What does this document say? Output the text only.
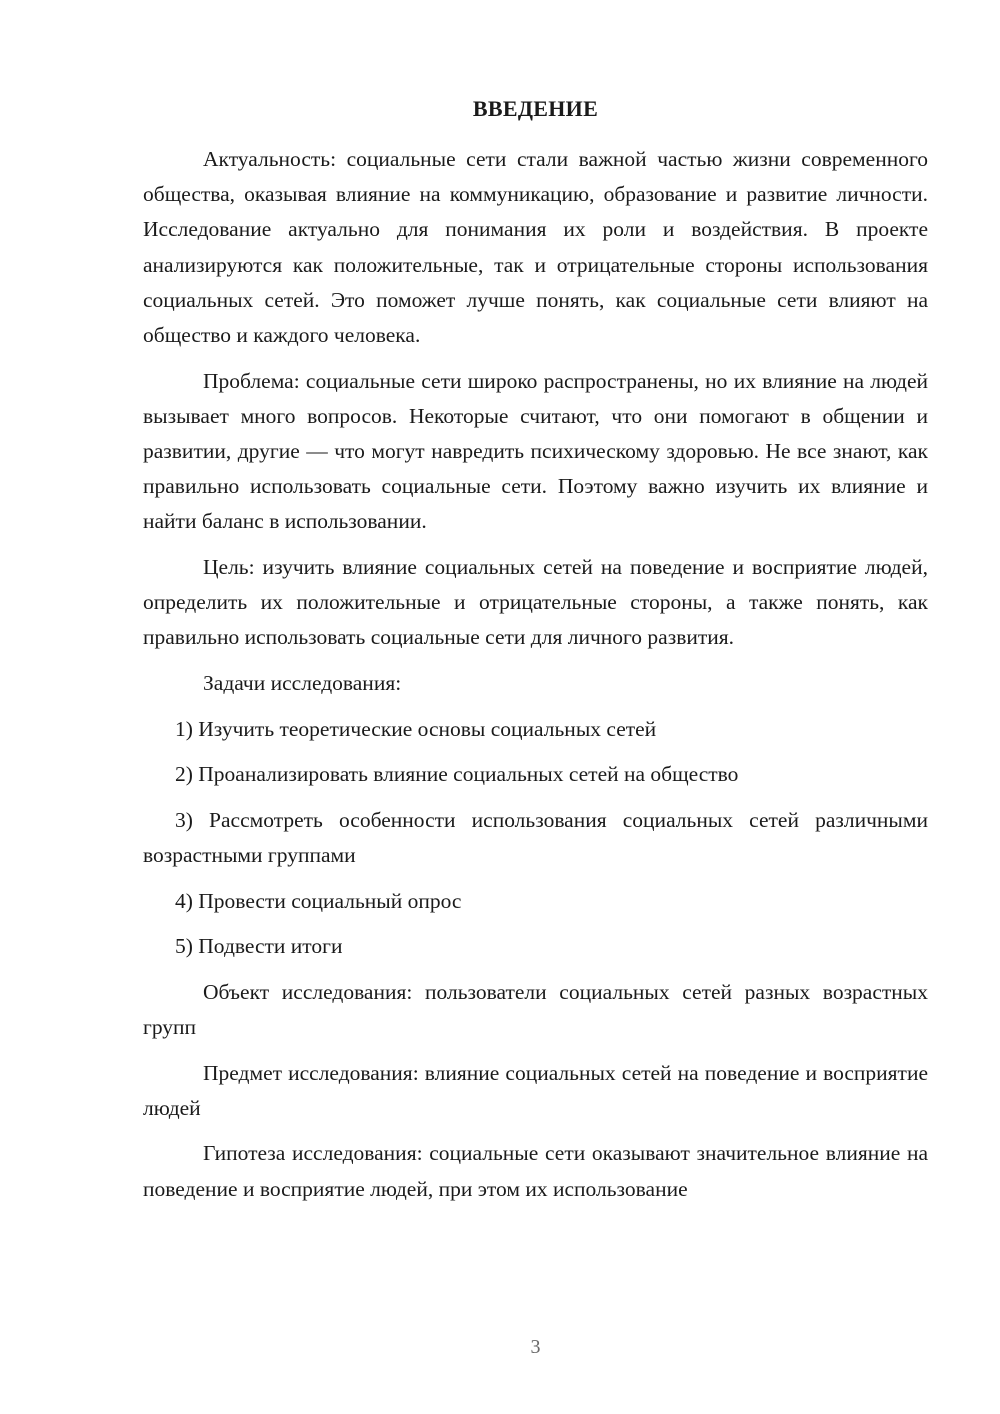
ВВЕДЕНИЕ

Актуальность: социальные сети стали важной частью жизни современного общества, оказывая влияние на коммуникацию, образование и развитие личности. Исследование актуально для понимания их роли и воздействия. В проекте анализируются как положительные, так и отрицательные стороны использования социальных сетей. Это поможет лучше понять, как социальные сети влияют на общество и каждого человека.

Проблема: социальные сети широко распространены, но их влияние на людей вызывает много вопросов. Некоторые считают, что они помогают в общении и развитии, другие — что могут навредить психическому здоровью. Не все знают, как правильно использовать социальные сети. Поэтому важно изучить их влияние и найти баланс в использовании.

Цель: изучить влияние социальных сетей на поведение и восприятие людей, определить их положительные и отрицательные стороны, а также понять, как правильно использовать социальные сети для личного развития.

Задачи исследования:

1) Изучить теоретические основы социальных сетей

2) Проанализировать влияние социальных сетей на общество

3) Рассмотреть особенности использования социальных сетей различными возрастными группами

4) Провести социальный опрос

5) Подвести итоги

Объект исследования: пользователи социальных сетей разных возрастных групп

Предмет исследования: влияние социальных сетей на поведение и восприятие людей

Гипотеза исследования: социальные сети оказывают значительное влияние на поведение и восприятие людей, при этом их использование

3
